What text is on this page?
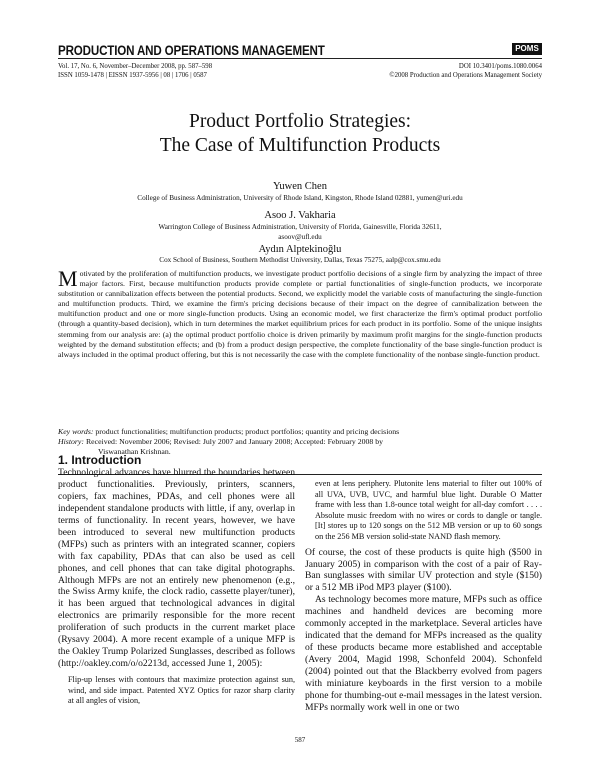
PRODUCTION AND OPERATIONS MANAGEMENT	POMS
Vol. 17, No. 6, November–December 2008, pp. 587–598
ISSN 1059-1478 | EISSN 1937-5956 | 08 | 1706 | 0587
DOI 10.3401/poms.1080.0064
©2008 Production and Operations Management Society
Product Portfolio Strategies:
The Case of Multifunction Products
Yuwen Chen
College of Business Administration, University of Rhode Island, Kingston, Rhode Island 02881, yumen@uri.edu
Asoo J. Vakharia
Warrington College of Business Administration, University of Florida, Gainesville, Florida 32611,
asoov@ufl.edu
Aydın Alptekinoğlu
Cox School of Business, Southern Methodist University, Dallas, Texas 75275, aalp@cox.smu.edu
Motivated by the proliferation of multifunction products, we investigate product portfolio decisions of a single firm by analyzing the impact of three major factors. First, because multifunction products provide complete or partial functionalities of single-function products, we incorporate substitution or cannibalization effects between the potential products. Second, we explicitly model the variable costs of manufacturing the single-function and multifunction products. Third, we examine the firm's pricing decisions because of their impact on the degree of cannibalization between the multifunction product and one or more single-function products. Using an economic model, we first characterize the firm's optimal product portfolio (through a quantity-based decision), which in turn determines the market equilibrium prices for each product in its portfolio. Some of the unique insights stemming from our analysis are: (a) the optimal product portfolio choice is driven primarily by maximum profit margins for the single-function products weighted by the demand substitution effects; and (b) from a product design perspective, the complete functionality of the base single-function product is always included in the optimal product offering, but this is not necessarily the case with the complete functionality of the nonbase single-function product.
Key words: product functionalities; multifunction products; product portfolios; quantity and pricing decisions
History: Received: November 2006; Revised: July 2007 and January 2008; Accepted: February 2008 by
Viswanathan Krishnan.
1. Introduction

Technological advances have blurred the boundaries between product functionalities. Previously, printers, scanners, copiers, fax machines, PDAs, and cell phones were all independent standalone products with little, if any, overlap in terms of functionality. In recent years, however, we have been introduced to several new multifunction products (MFPs) such as printers with an integrated scanner, copiers with fax capability, PDAs that can also be used as cell phones, and cell phones that can take digital photographs. Although MFPs are not an entirely new phenomenon (e.g., the Swiss Army knife, the clock radio, cassette player/tuner), it has been argued that technological advances in digital electronics are primarily responsible for the more recent proliferation of such products in the current market place (Rysavy 2004). A more recent example of a unique MFP is the Oakley Trump Polarized Sunglasses, described as follows (http://oakley.com/o/o2213d, accessed June 1, 2005):

Flip-up lenses with contours that maximize protection against sun, wind, and side impact. Patented XYZ Optics for razor sharp clarity at all angles of vision,
even at lens periphery. Plutonite lens material to filter out 100% of all UVA, UVB, UVC, and harmful blue light. Durable O Matter frame with less than 1.8-ounce total weight for all-day comfort . . . . Absolute music freedom with no wires or cords to dangle or tangle. [It] stores up to 120 songs on the 512 MB version or up to 60 songs on the 256 MB version solid-state NAND flash memory.

Of course, the cost of these products is quite high ($500 in January 2005) in comparison with the cost of a pair of Ray-Ban sunglasses with similar UV protection and style ($150) or a 512 MB iPod MP3 player ($100).

As technology becomes more mature, MFPs such as office machines and handheld devices are becoming more commonly accepted in the marketplace. Several articles have indicated that the demand for MFPs increased as the quality of these products became more established and acceptable (Avery 2004, Magid 1998, Schonfeld 2004). Schonfeld (2004) pointed out that the Blackberry evolved from pagers with miniature keyboards in the first version to a mobile phone for thumbing-out e-mail messages in the latest version. MFPs normally work well in one or two

587
